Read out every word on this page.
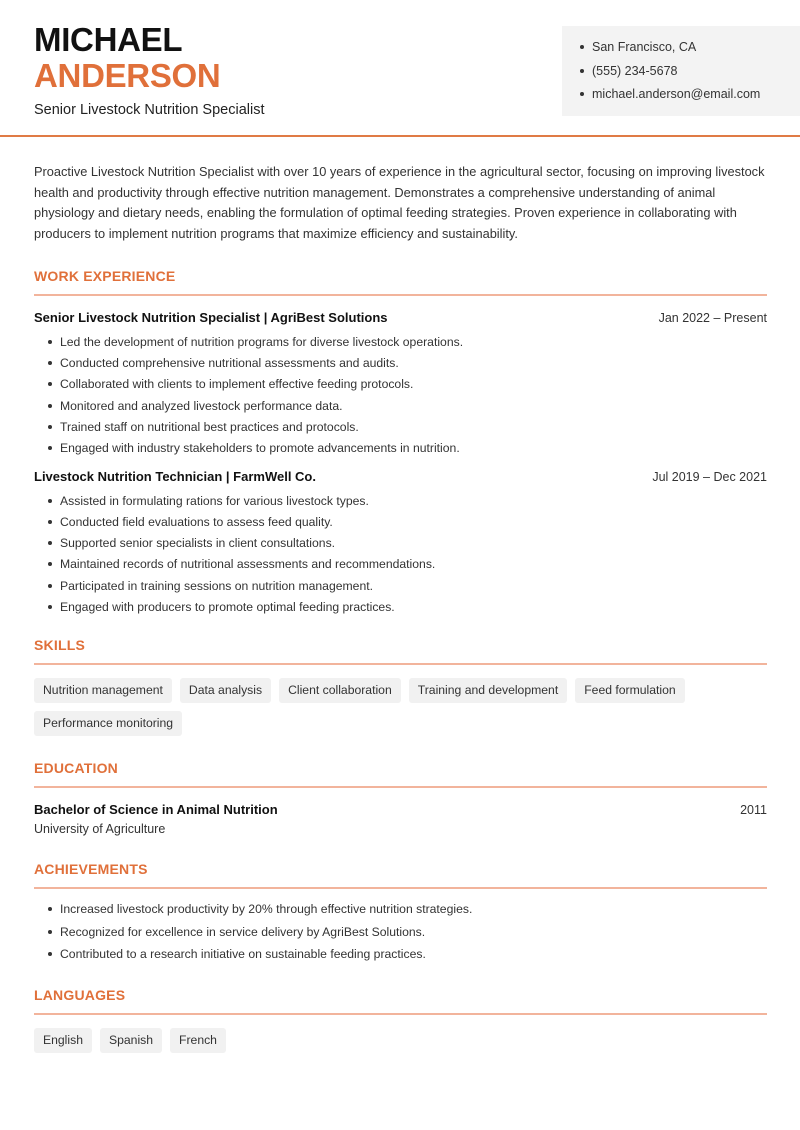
MICHAEL
ANDERSON
Senior Livestock Nutrition Specialist
San Francisco, CA
(555) 234-5678
michael.anderson@email.com

Proactive Livestock Nutrition Specialist with over 10 years of experience in the agricultural sector, focusing on improving livestock health and productivity through effective nutrition management. Demonstrates a comprehensive understanding of animal physiology and dietary needs, enabling the formulation of optimal feeding strategies. Proven experience in collaborating with producers to implement nutrition programs that maximize efficiency and sustainability.

WORK EXPERIENCE
Senior Livestock Nutrition Specialist | AgriBest Solutions	Jan 2022 – Present
Led the development of nutrition programs for diverse livestock operations.
Conducted comprehensive nutritional assessments and audits.
Collaborated with clients to implement effective feeding protocols.
Monitored and analyzed livestock performance data.
Trained staff on nutritional best practices and protocols.
Engaged with industry stakeholders to promote advancements in nutrition.
Livestock Nutrition Technician | FarmWell Co.	Jul 2019 – Dec 2021
Assisted in formulating rations for various livestock types.
Conducted field evaluations to assess feed quality.
Supported senior specialists in client consultations.
Maintained records of nutritional assessments and recommendations.
Participated in training sessions on nutrition management.
Engaged with producers to promote optimal feeding practices.
SKILLS
Nutrition management	Data analysis	Client collaboration	Training and development	Feed formulation
Performance monitoring
EDUCATION
Bachelor of Science in Animal Nutrition	2011
University of Agriculture
ACHIEVEMENTS
Increased livestock productivity by 20% through effective nutrition strategies.
Recognized for excellence in service delivery by AgriBest Solutions.
Contributed to a research initiative on sustainable feeding practices.
LANGUAGES
English	Spanish	French
